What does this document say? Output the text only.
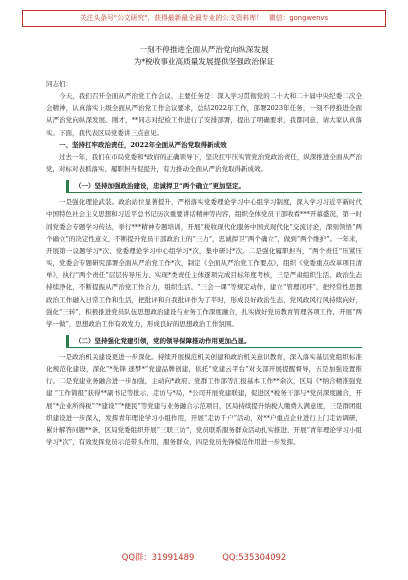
关注头条号"公文研究"，获得最新最全最专业的公文资料库！ 微信：gongwenvs
一刻不停推进全面从严治党向纵深发展
为*税收事业高质量发展提供坚强政治保证

同志们：

今天，我们召开全面从严治党工作会议，主要任务是：深入学习贯彻党的二十大和二十届中央纪委二次全会精神，认真落实上级全面从严治党工作会议要求，总结2022年工作，部署2023年任务，一刻不停推进全面从严治党向纵深发展。刚才，**同志对纪检工作进行了安排部署，提出了明确要求，我都同意，请大家认真落实。下面，我代表区局党委讲三点意见。

一、坚持扛牢政治责任，2022年全面从严治党取得新成效

过去一年，我们在市局党委和*政府的正确领导下，坚决扛牢压实管党治党政治责任，纵深推进全面从严治党，对标对表抓落实、履职担当促提升，有力推动全面从严治党取得新成效。

（一）坚持加强政治建设，忠诚捍卫“两个确立”更加坚定。

一是强化理论武装。政治站位显著提升，严格落实党委理论学习中心组学习制度，深入学习习近平新时代中国特色社会主义思想和习近平总书记历次重要讲话精神等内容，组织全体党员干部收看***开幕盛况，第一时间党委会专题学习传达，举行***精神专题培训，开展“税收现代化服务中国式现代化”交流讨论，深刻领悟“两个确立”的决定性意义，不断提升党员干部政治上的“三力”，忠诚捍卫“两个确立”，做到“两个维护”。一年来，开展第一议题学习*次、党委理论学习中心组学习*次，集中研讨*次。二是强化履职担当，“两个责任”压紧压实，党委会专题研究部署全面从严治党工作*次，制定《全面从严治党工作要点》，组织《党委重点改革项目清单》，执行“两个责任”层层传导压力、实现*类责任主体逐项完成目标年度考核，三是严肃组织生活，政治生态持续净化，不断提振从严治党工作合力，组织生活、“三会一课”等规定动作，建立“管理闭环”，把经常性思想政治工作融入日常工作和生活，把批评和自我批评作为了平时，形成良好政治生态，党风政风行风持续向好，强化“三转”，积极推进党员队伍思想政治建设与业务工作深度融合，扎实做好党员教育管理各项工作，开展“两学一做”，思想政治工作有效发力，形成良好的思想政治工作氛围。

（二）坚持强化党建引领，党的领导保障推动作用更加凸显。

一是政治机关建设更进一步深化。持续开展模范机关创建和政治机关意识教育，深入落实基层党组织标准化规范化建设，深化“*先锋 逐梦*”党建品牌创建，依托“党建云平台”对支部开展提醒督导，五是加强设置推行。二是党建业务融合进一步加强，主动向*政府、党群工作部等汇报基本工作**余次，区局《*纳合精准强党建 “工作简报”获得**副书记等批示，走访与*局，*公司开展党建联建，促进区*税务干部与*党员深度融合，开展“*企业所得税”“*建设”“*便民”等党建与业务融合示范项目，区局持续提升纳税人缴费人满意度，三是群团组织建设进一步深入，发挥青年理论学习小组作用，开展“走访千户”活动，对**户重点企业进行上门走访调研，累计解答问题**条，区局党委组织开展“三联三访”，党员联系服务群众活动扎实推进，开展“青年理论学习小组学习*次”，有效发挥党员示范带头作用，服务群众，四是党员先锋模范作用进一步发挥。

QQ群：31991489	QQ:535304092
